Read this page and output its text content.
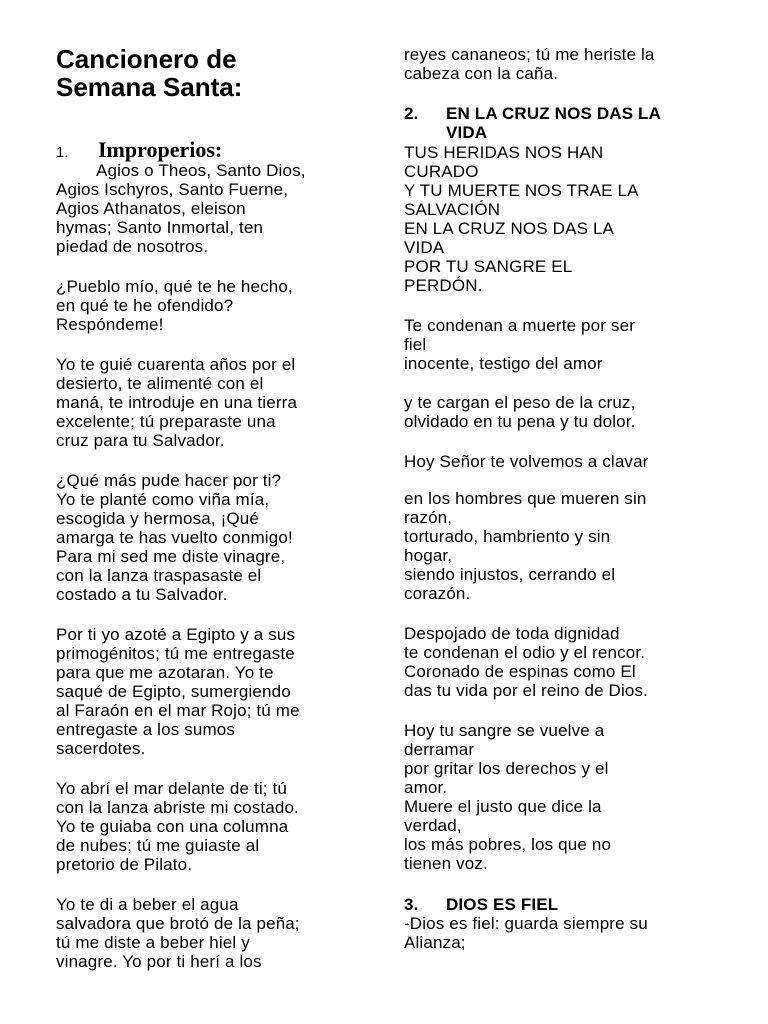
Cancionero de
Semana Santa:
1. Improperios:
Agios o Theos, Santo Dios,
Agios Ischyros, Santo Fuerne,
Agios Athanatos, eleison
hymas; Santo Inmortal, ten
piedad de nosotros.
¿Pueblo mío, qué te he hecho,
en qué te he ofendido?
Respóndeme!
Yo te guié cuarenta años por el
desierto, te alimenté con el
maná, te introduje en una tierra
excelente; tú preparaste una
cruz para tu Salvador.
¿Qué más pude hacer por ti?
Yo te planté como viña mía,
escogida y hermosa, ¡Qué
amarga te has vuelto conmigo!
Para mi sed me diste vinagre,
con la lanza traspasaste el
costado a tu Salvador.
Por ti yo azoté a Egipto y a sus
primogénitos; tú me entregaste
para que me azotaran. Yo te
saqué de Egipto, sumergiendo
al Faraón en el mar Rojo; tú me
entregaste a los sumos
sacerdotes.
Yo abrí el mar delante de ti; tú
con la lanza abriste mi costado.
Yo te guiaba con una columna
de nubes; tú me guiaste al
pretorio de Pilato.
Yo te di a beber el agua
salvadora que brotó de la peña;
tú me diste a beber hiel y
vinagre. Yo por ti herí a los
reyes cananeos; tú me heriste la
cabeza con la caña.
2. EN LA CRUZ NOS DAS LA
VIDA
TUS HERIDAS NOS HAN
CURADO
Y TU MUERTE NOS TRAE LA
SALVACIÓN
EN LA CRUZ NOS DAS LA
VIDA
POR TU SANGRE EL
PERDÓN.
Te condenan a muerte por ser
fiel
inocente, testigo del amor
y te cargan el peso de la cruz,
olvidado en tu pena y tu dolor.
Hoy Señor te volvemos a clavar
en los hombres que mueren sin
razón,
torturado, hambriento y sin
hogar,
siendo injustos, cerrando el
corazón.
Despojado de toda dignidad
te condenan el odio y el rencor.
Coronado de espinas como El
das tu vida por el reino de Dios.
Hoy tu sangre se vuelve a
derramar
por gritar los derechos y el
amor.
Muere el justo que dice la
verdad,
los más pobres, los que no
tienen voz.
3. DIOS ES FIEL
-Dios es fiel: guarda siempre su
Alianza;
